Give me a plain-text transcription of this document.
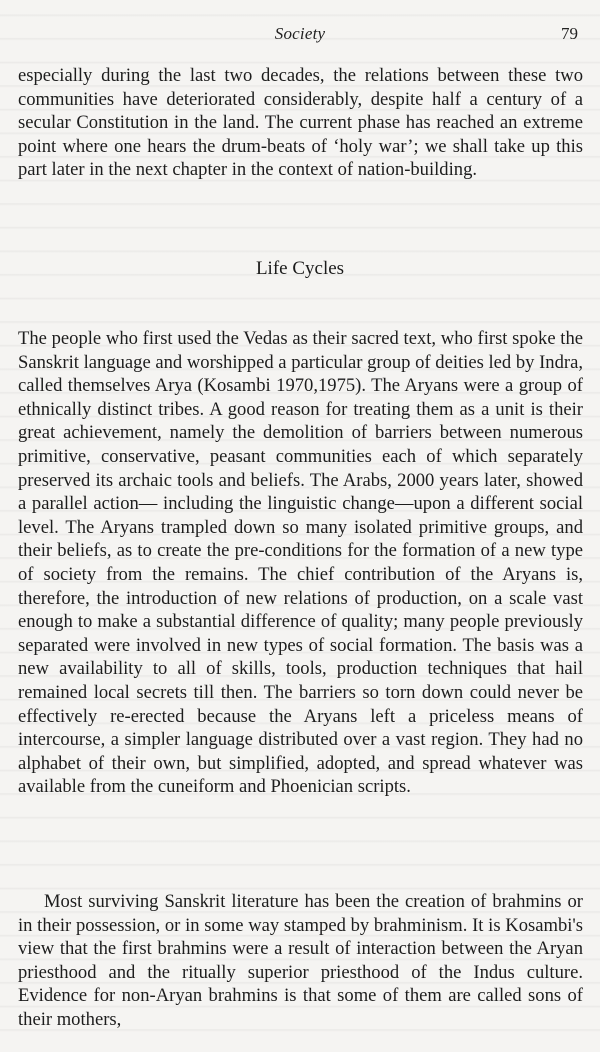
Society	79
especially during the last two decades, the relations between these two communities have deteriorated considerably, despite half a century of a secular Constitution in the land. The current phase has reached an extreme point where one hears the drum-beats of ‘holy war’; we shall take up this part later in the next chapter in the context of nation-building.
Life Cycles
The people who first used the Vedas as their sacred text, who first spoke the Sanskrit language and worshipped a particular group of deities led by Indra, called themselves Arya (Kosambi 1970,1975). The Aryans were a group of ethnically distinct tribes. A good reason for treating them as a unit is their great achievement, namely the demolition of barriers between numerous primitive, conservative, peasant communities each of which separately preserved its archaic tools and beliefs. The Arabs, 2000 years later, showed a parallel action— including the linguistic change—upon a different social level. The Aryans trampled down so many isolated primitive groups, and their beliefs, as to create the pre-conditions for the formation of a new type of society from the remains. The chief contribution of the Aryans is, therefore, the introduction of new relations of production, on a scale vast enough to make a substantial difference of quality; many people previously separated were involved in new types of social formation. The basis was a new availability to all of skills, tools, production techniques that hail remained local secrets till then. The barriers so torn down could never be effectively re-erected because the Aryans left a priceless means of intercourse, a simpler language distributed over a vast region. They had no alphabet of their own, but simplified, adopted, and spread whatever was available from the cuneiform and Phoenician scripts.
Most surviving Sanskrit literature has been the creation of brahmins or in their possession, or in some way stamped by brahminism. It is Kosambi's view that the first brahmins were a result of interaction between the Aryan priesthood and the ritually superior priesthood of the Indus culture. Evidence for non-Aryan brahmins is that some of them are called sons of their mothers,
